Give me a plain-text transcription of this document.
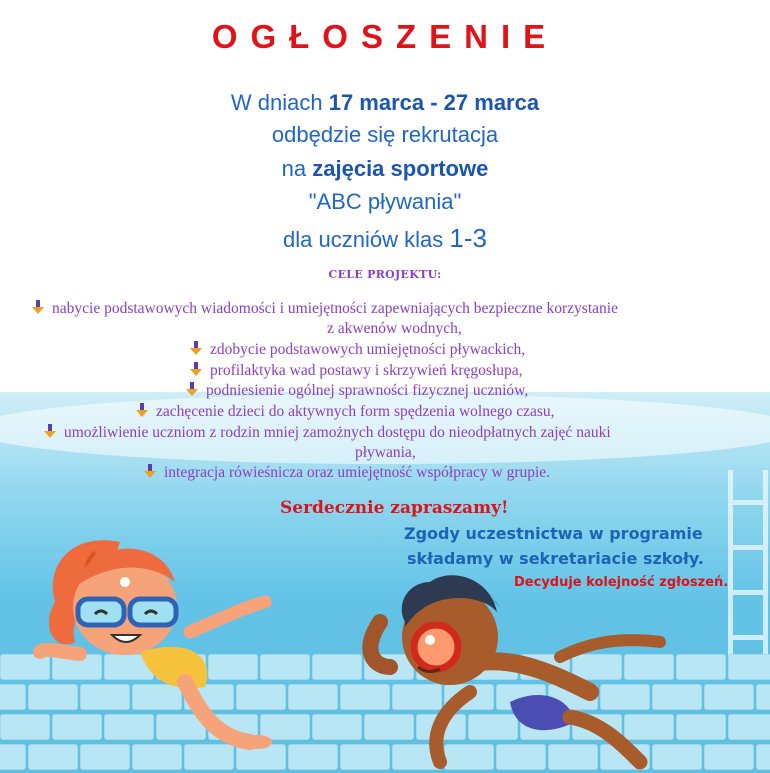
OGŁOSZENIE
W dniach 17 marca - 27 marca
odbędzie się rekrutacja
na zajęcia sportowe
"ABC pływania"
dla uczniów klas 1-3
CELE PROJEKTU:
nabycie podstawowych wiadomości i umiejętności zapewniających bezpieczne korzystanie
z akwenów wodnych,
zdobycie podstawowych umiejętności pływackich,
profilaktyka wad postawy i skrzywień kręgosłupa,
podniesienie ogólnej sprawności fizycznej uczniów,
zachęcenie dzieci do aktywnych form spędzenia wolnego czasu,
umożliwienie uczniom z rodzin mniej zamożnych dostępu do nieodpłatnych zajęć nauki
pływania,
integracja rówieśnicza oraz umiejętność współpracy w grupie.
Serdecznie zapraszamy!
Zgody uczestnictwa w programie
składamy w sekretariacie szkoły.
Decyduje kolejność zgłoszeń.
